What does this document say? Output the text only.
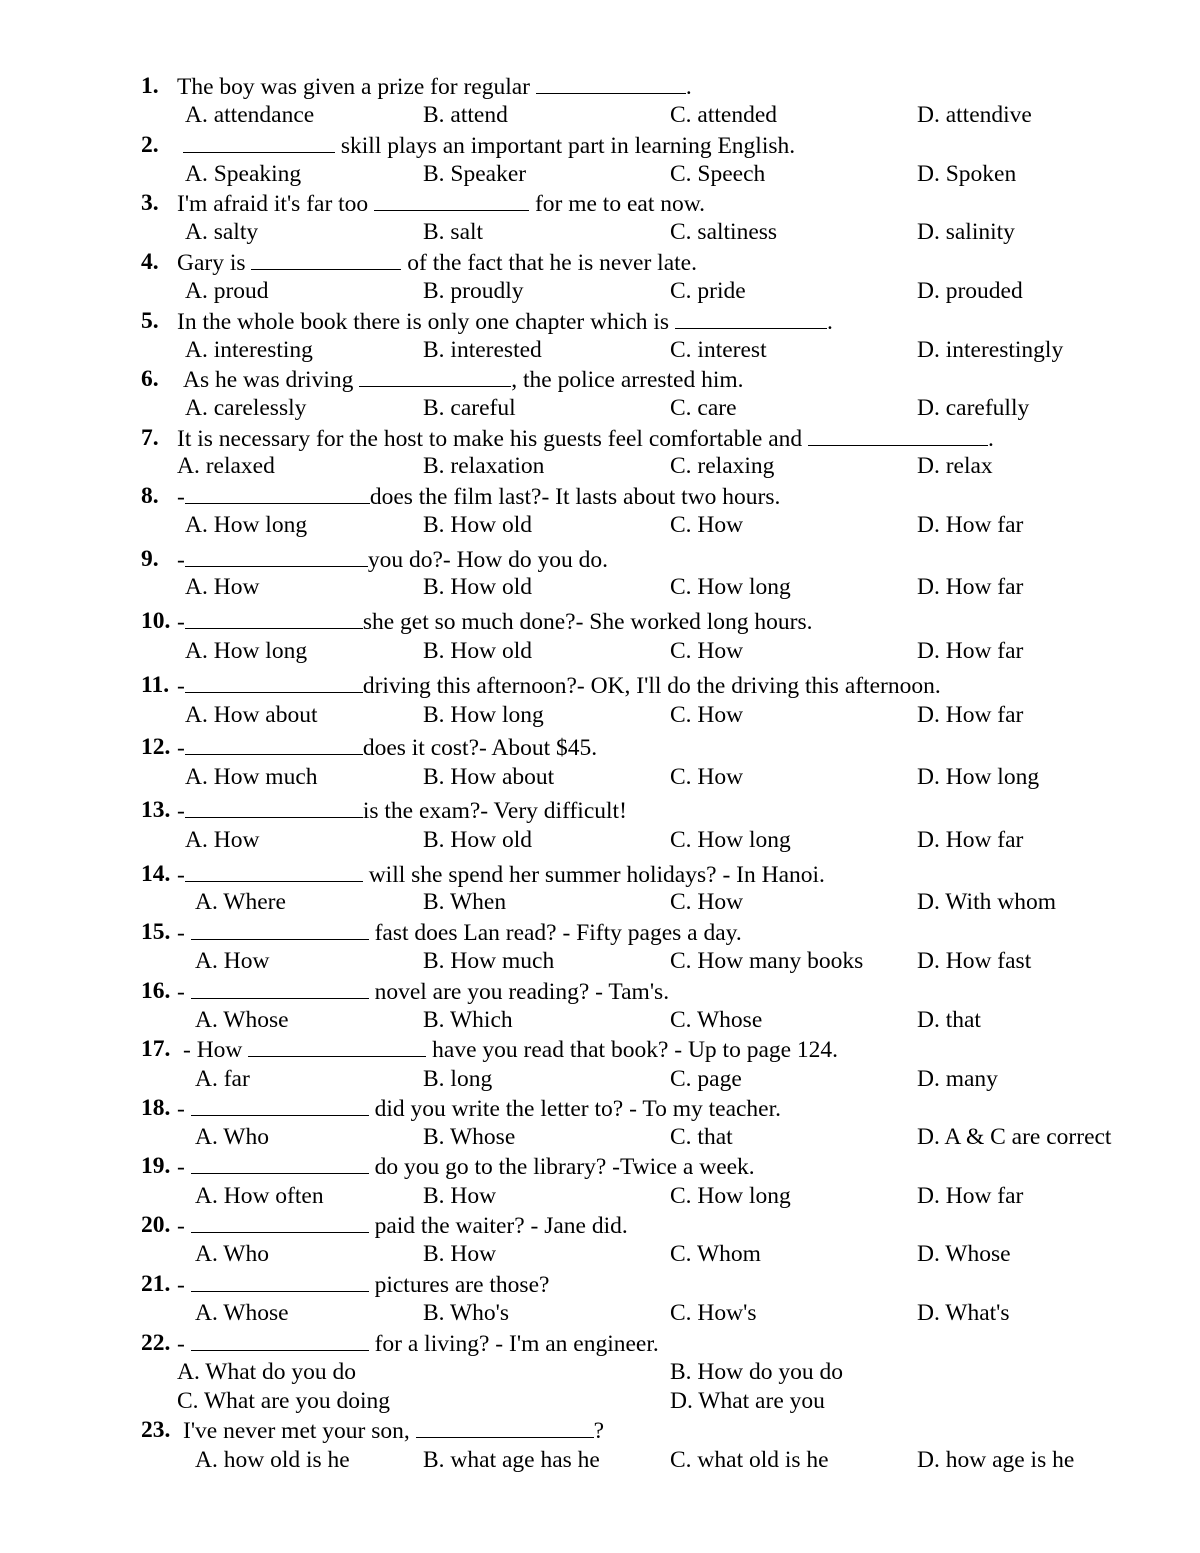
1. The boy was given a prize for regular	.
A. attendance	B. attend	C. attended	D. attendive
2.	skill plays an important part in learning English.
A. Speaking	B. Speaker	C. Speech	D. Spoken
3. I'm afraid it's far too	for me to eat now.
A. salty	B. salt	C. saltiness	D. salinity
4. Gary is	of the fact that he is never late.
A. proud	B. proudly	C. pride	D. prouded
5. In the whole book there is only one chapter which is	.
A. interesting	B. interested	C. interest	D. interestingly
6. As he was driving	, the police arrested him.
A. carelessly	B. careful	C. care	D. carefully
7. It is necessary for the host to make his guests feel comfortable and	.
A. relaxed	B. relaxation	C. relaxing	D. relax
8. -	does the film last?- It lasts about two hours.
A. How long	B. How old	C. How	D. How far
9. -	you do?- How do you do.
A. How	B. How old	C. How long	D. How far
10. -	she get so much done?- She worked long hours.
A. How long	B. How old	C. How	D. How far
11. -	driving this afternoon?- OK, I'll do the driving this afternoon.
A. How about	B. How long	C. How	D. How far
12. -	does it cost?- About $45.
A. How much	B. How about	C. How	D. How long
13. -	is the exam?- Very difficult!
A. How	B. How old	C. How long	D. How far
14. -	will she spend her summer holidays? - In Hanoi.
A. Where	B. When	C. How	D. With whom
15. -	fast does Lan read? - Fifty pages a day.
A. How	B. How much	C. How many books D. How fast
16. -	novel are you reading? - Tam's.
A. Whose	B. Which	C. Whose	D. that
17. - How	have you read that book? - Up to page 124.
A. far	B. long	C. page	D. many
18. -	did you write the letter to? - To my teacher.
A. Who	B. Whose	C. that	D. A & C are correct
19. -	do you go to the library? -Twice a week.
A. How often	B. How	C. How long	D. How far
20. -	paid the waiter? - Jane did.
A. Who	B. How	C. Whom	D. Whose
21. -	pictures are those?
A. Whose	B. Who's	C. How's	D. What's
22. -	for a living? - I'm an engineer.
A. What do you do	B. How do you do
C. What are you doing	D. What are you
23. I've never met your son,	?
A. how old is he	B. what age has he	C. what old is he	D. how age is he
